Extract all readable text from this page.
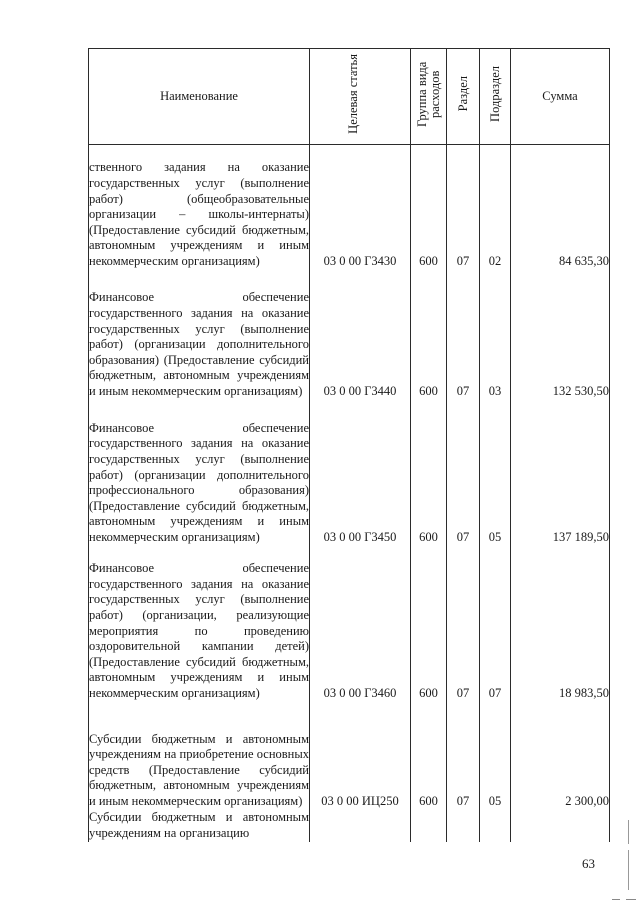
Наименование	Целевая статья	Группа вида расходов	Раздел	Подраздел	Сумма
ственного задания на оказание государственных услуг (выполнение работ) (общеобразовательные организации – школы-интернаты) (Предоставление субсидий бюджетным, автономным учреждениям и иным некоммерческим организациям)	03 0 00 Г3430	600	07	02	84 635,30
Финансовое обеспечение государственного задания на оказание государственных услуг (выполнение работ) (организации дополнительного образования) (Предоставление субсидий бюджетным, автономным учреждениям и иным некоммерческим организациям)	03 0 00 Г3440	600	07	03	132 530,50
Финансовое обеспечение государственного задания на оказание государственных услуг (выполнение работ) (организации дополнительного профессионального образования) (Предоставление субсидий бюджетным, автономным учреждениям и иным некоммерческим организациям)	03 0 00 Г3450	600	07	05	137 189,50
Финансовое обеспечение государственного задания на оказание государственных услуг (выполнение работ) (организации, реализующие мероприятия по проведению оздоровительной кампании детей) (Предоставление субсидий бюджетным, автономным учреждениям и иным некоммерческим организациям)	03 0 00 Г3460	600	07	07	18 983,50
Субсидии бюджетным и автономным учреждениям на приобретение основных средств (Предоставление субсидий бюджетным, автономным учреждениям и иным некоммерческим организациям)	03 0 00 ИЦ250	600	07	05	2 300,00
Субсидии бюджетным и автономным учреждениям на организацию					
63
